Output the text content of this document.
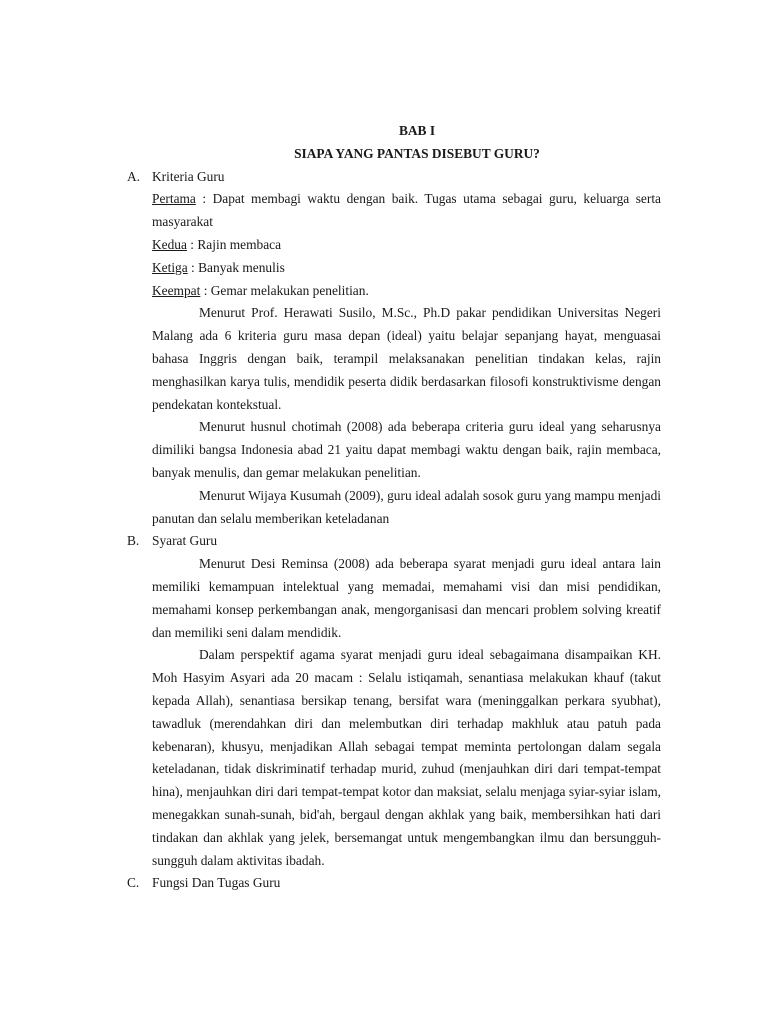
BAB I

SIAPA YANG PANTAS DISEBUT GURU?

A. Kriteria Guru

Pertama : Dapat membagi waktu dengan baik. Tugas utama sebagai guru, keluarga serta masyarakat

Kedua : Rajin membaca

Ketiga : Banyak menulis

Keempat : Gemar melakukan penelitian.

Menurut Prof. Herawati Susilo, M.Sc., Ph.D pakar pendidikan Universitas Negeri Malang ada 6 kriteria guru masa depan (ideal) yaitu belajar sepanjang hayat, menguasai bahasa Inggris dengan baik, terampil melaksanakan penelitian tindakan kelas, rajin menghasilkan karya tulis, mendidik peserta didik berdasarkan filosofi konstruktivisme dengan pendekatan kontekstual.

Menurut husnul chotimah (2008) ada beberapa criteria guru ideal yang seharusnya dimiliki bangsa Indonesia abad 21 yaitu dapat membagi waktu dengan baik, rajin membaca, banyak menulis, dan gemar melakukan penelitian.

Menurut Wijaya Kusumah (2009), guru ideal adalah sosok guru yang mampu menjadi panutan dan selalu memberikan keteladanan

B. Syarat Guru

Menurut Desi Reminsa (2008) ada beberapa syarat menjadi guru ideal antara lain memiliki kemampuan intelektual yang memadai, memahami visi dan misi pendidikan, memahami konsep perkembangan anak, mengorganisasi dan mencari problem solving kreatif dan memiliki seni dalam mendidik.

Dalam perspektif agama syarat menjadi guru ideal sebagaimana disampaikan KH. Moh Hasyim Asyari ada 20 macam : Selalu istiqamah, senantiasa melakukan khauf (takut kepada Allah), senantiasa bersikap tenang, bersifat wara (meninggalkan perkara syubhat), tawadluk (merendahkan diri dan melembutkan diri terhadap makhluk atau patuh pada kebenaran), khusyu, menjadikan Allah sebagai tempat meminta pertolongan dalam segala keteladanan, tidak diskriminatif terhadap murid, zuhud (menjauhkan diri dari tempat-tempat hina), menjauhkan diri dari tempat-tempat kotor dan maksiat, selalu menjaga syiar-syiar islam, menegakkan sunah-sunah, bid'ah, bergaul dengan akhlak yang baik, membersihkan hati dari tindakan dan akhlak yang jelek, bersemangat untuk mengembangkan ilmu dan bersungguh-sungguh dalam aktivitas ibadah.

C. Fungsi Dan Tugas Guru
